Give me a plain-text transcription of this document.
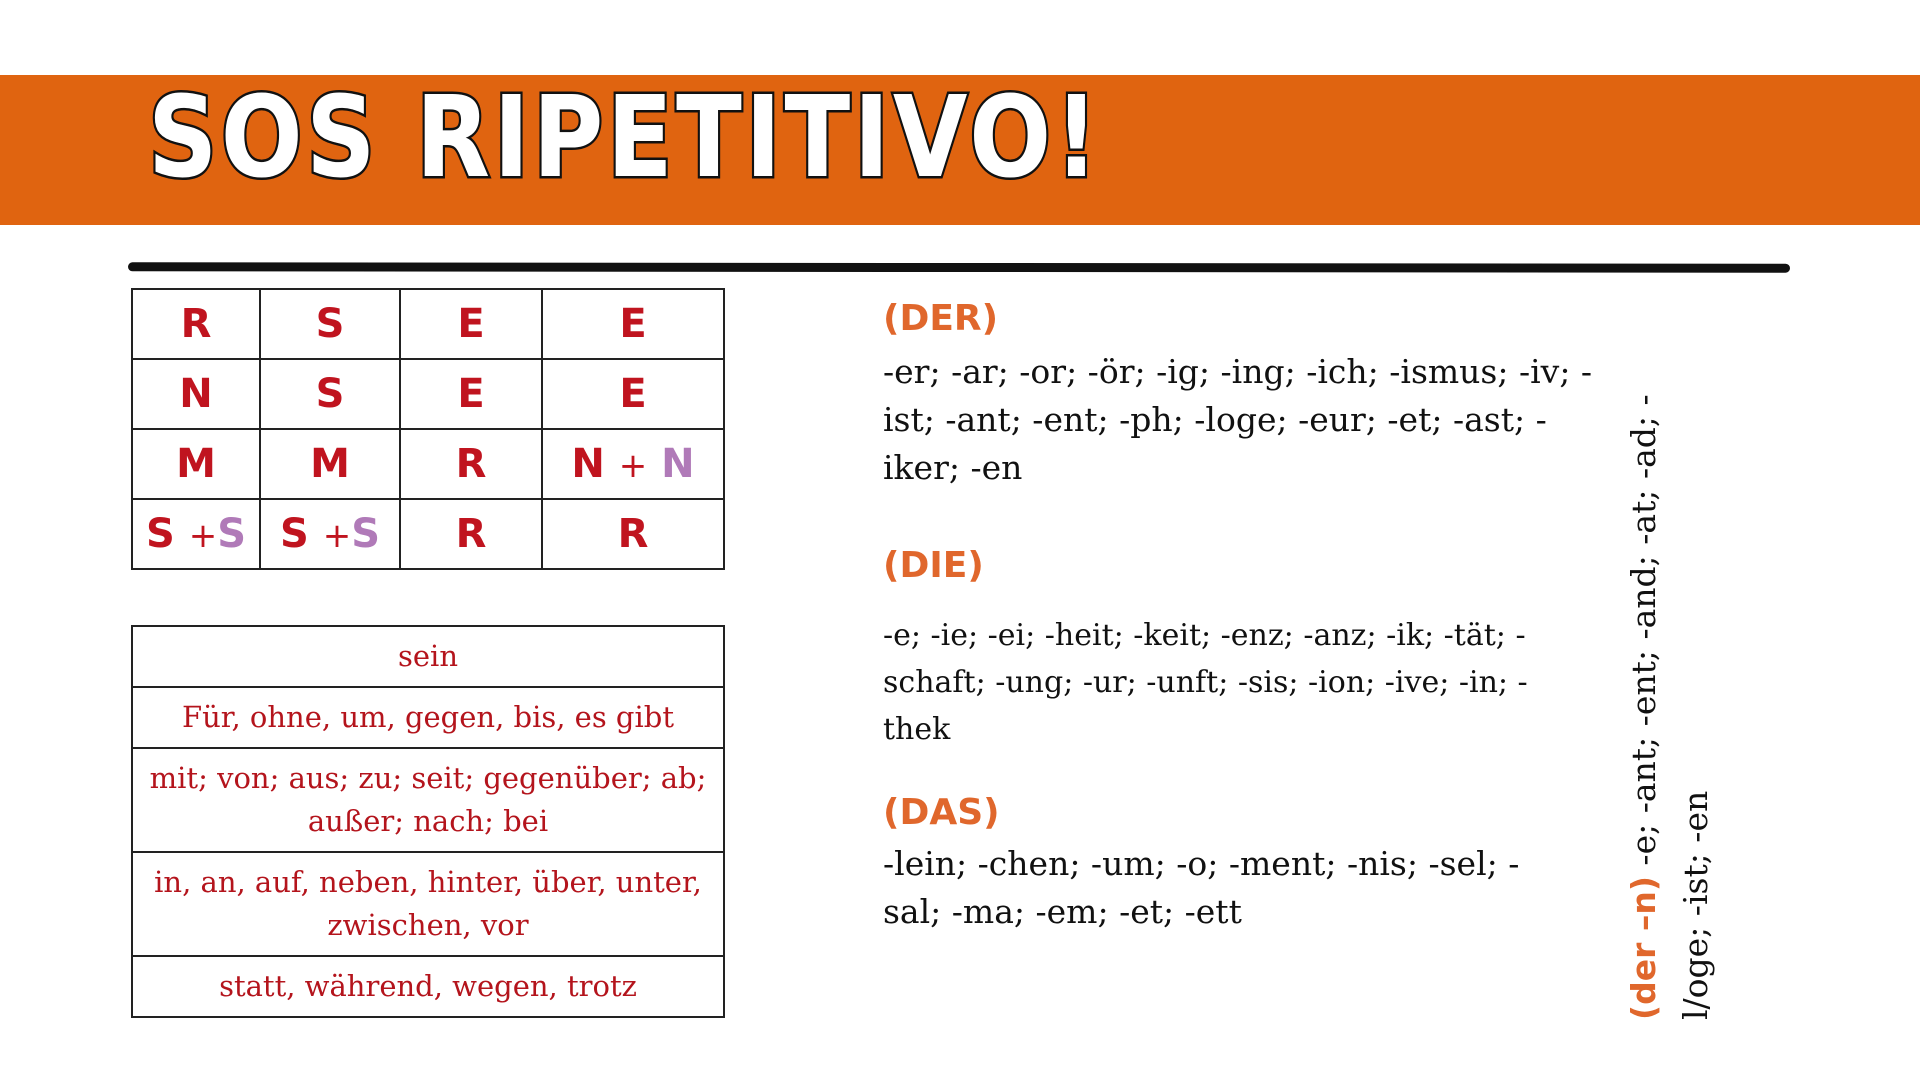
SOS RIPETITIVO!
R	S	E	E
N	S	E	E
M	M	R	N + N
S +S	S +S	R	R
sein
Für, ohne, um, gegen, bis, es gibt
mit; von; aus; zu; seit; gegenüber; ab; außer; nach; bei
in, an, auf, neben, hinter, über, unter, zwischen, vor
statt, während, wegen, trotz
(DER)
-er; -ar; -or; -ör; -ig; -ing; -ich; -ismus; -iv; -ist; -ant; -ent; -ph; -loge; -eur; -et; -ast; -iker; -en
(DIE)
-e; -ie; -ei; -heit; -keit; -enz; -anz; -ik; -tät; -schaft; -ung; -ur; -unft; -sis; -ion; -ive; -in; -thek
(DAS)
-lein; -chen; -um; -o; -ment; -nis; -sel; -sal; -ma; -em; -et; -ett	(der –n) -e; -ant; -ent; -and; -at; -ad; -l/oge; -ist; -en
